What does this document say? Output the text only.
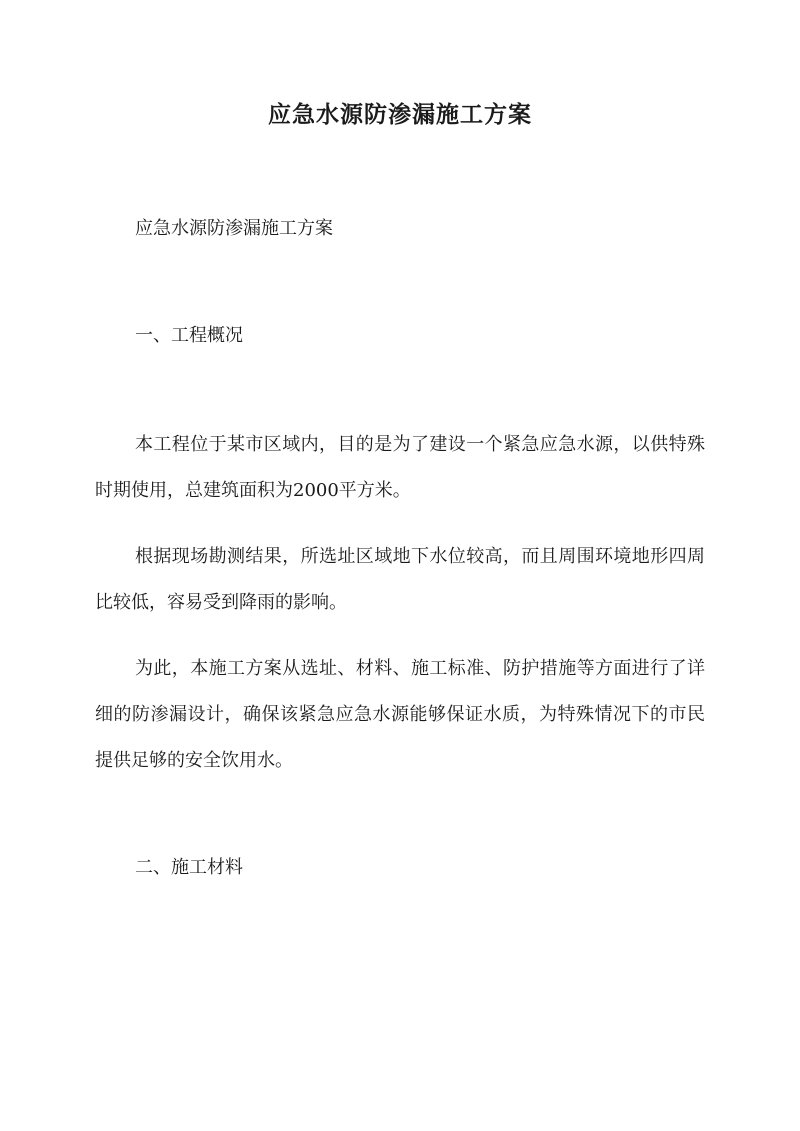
应急水源防渗漏施工方案

应急水源防渗漏施工方案

一、工程概况

本工程位于某市区域内，目的是为了建设一个紧急应急水源，以供特殊时期使用，总建筑面积为2000平方米。

根据现场勘测结果，所选址区域地下水位较高，而且周围环境地形四周比较低，容易受到降雨的影响。

为此，本施工方案从选址、材料、施工标准、防护措施等方面进行了详细的防渗漏设计，确保该紧急应急水源能够保证水质，为特殊情况下的市民提供足够的安全饮用水。

二、施工材料
